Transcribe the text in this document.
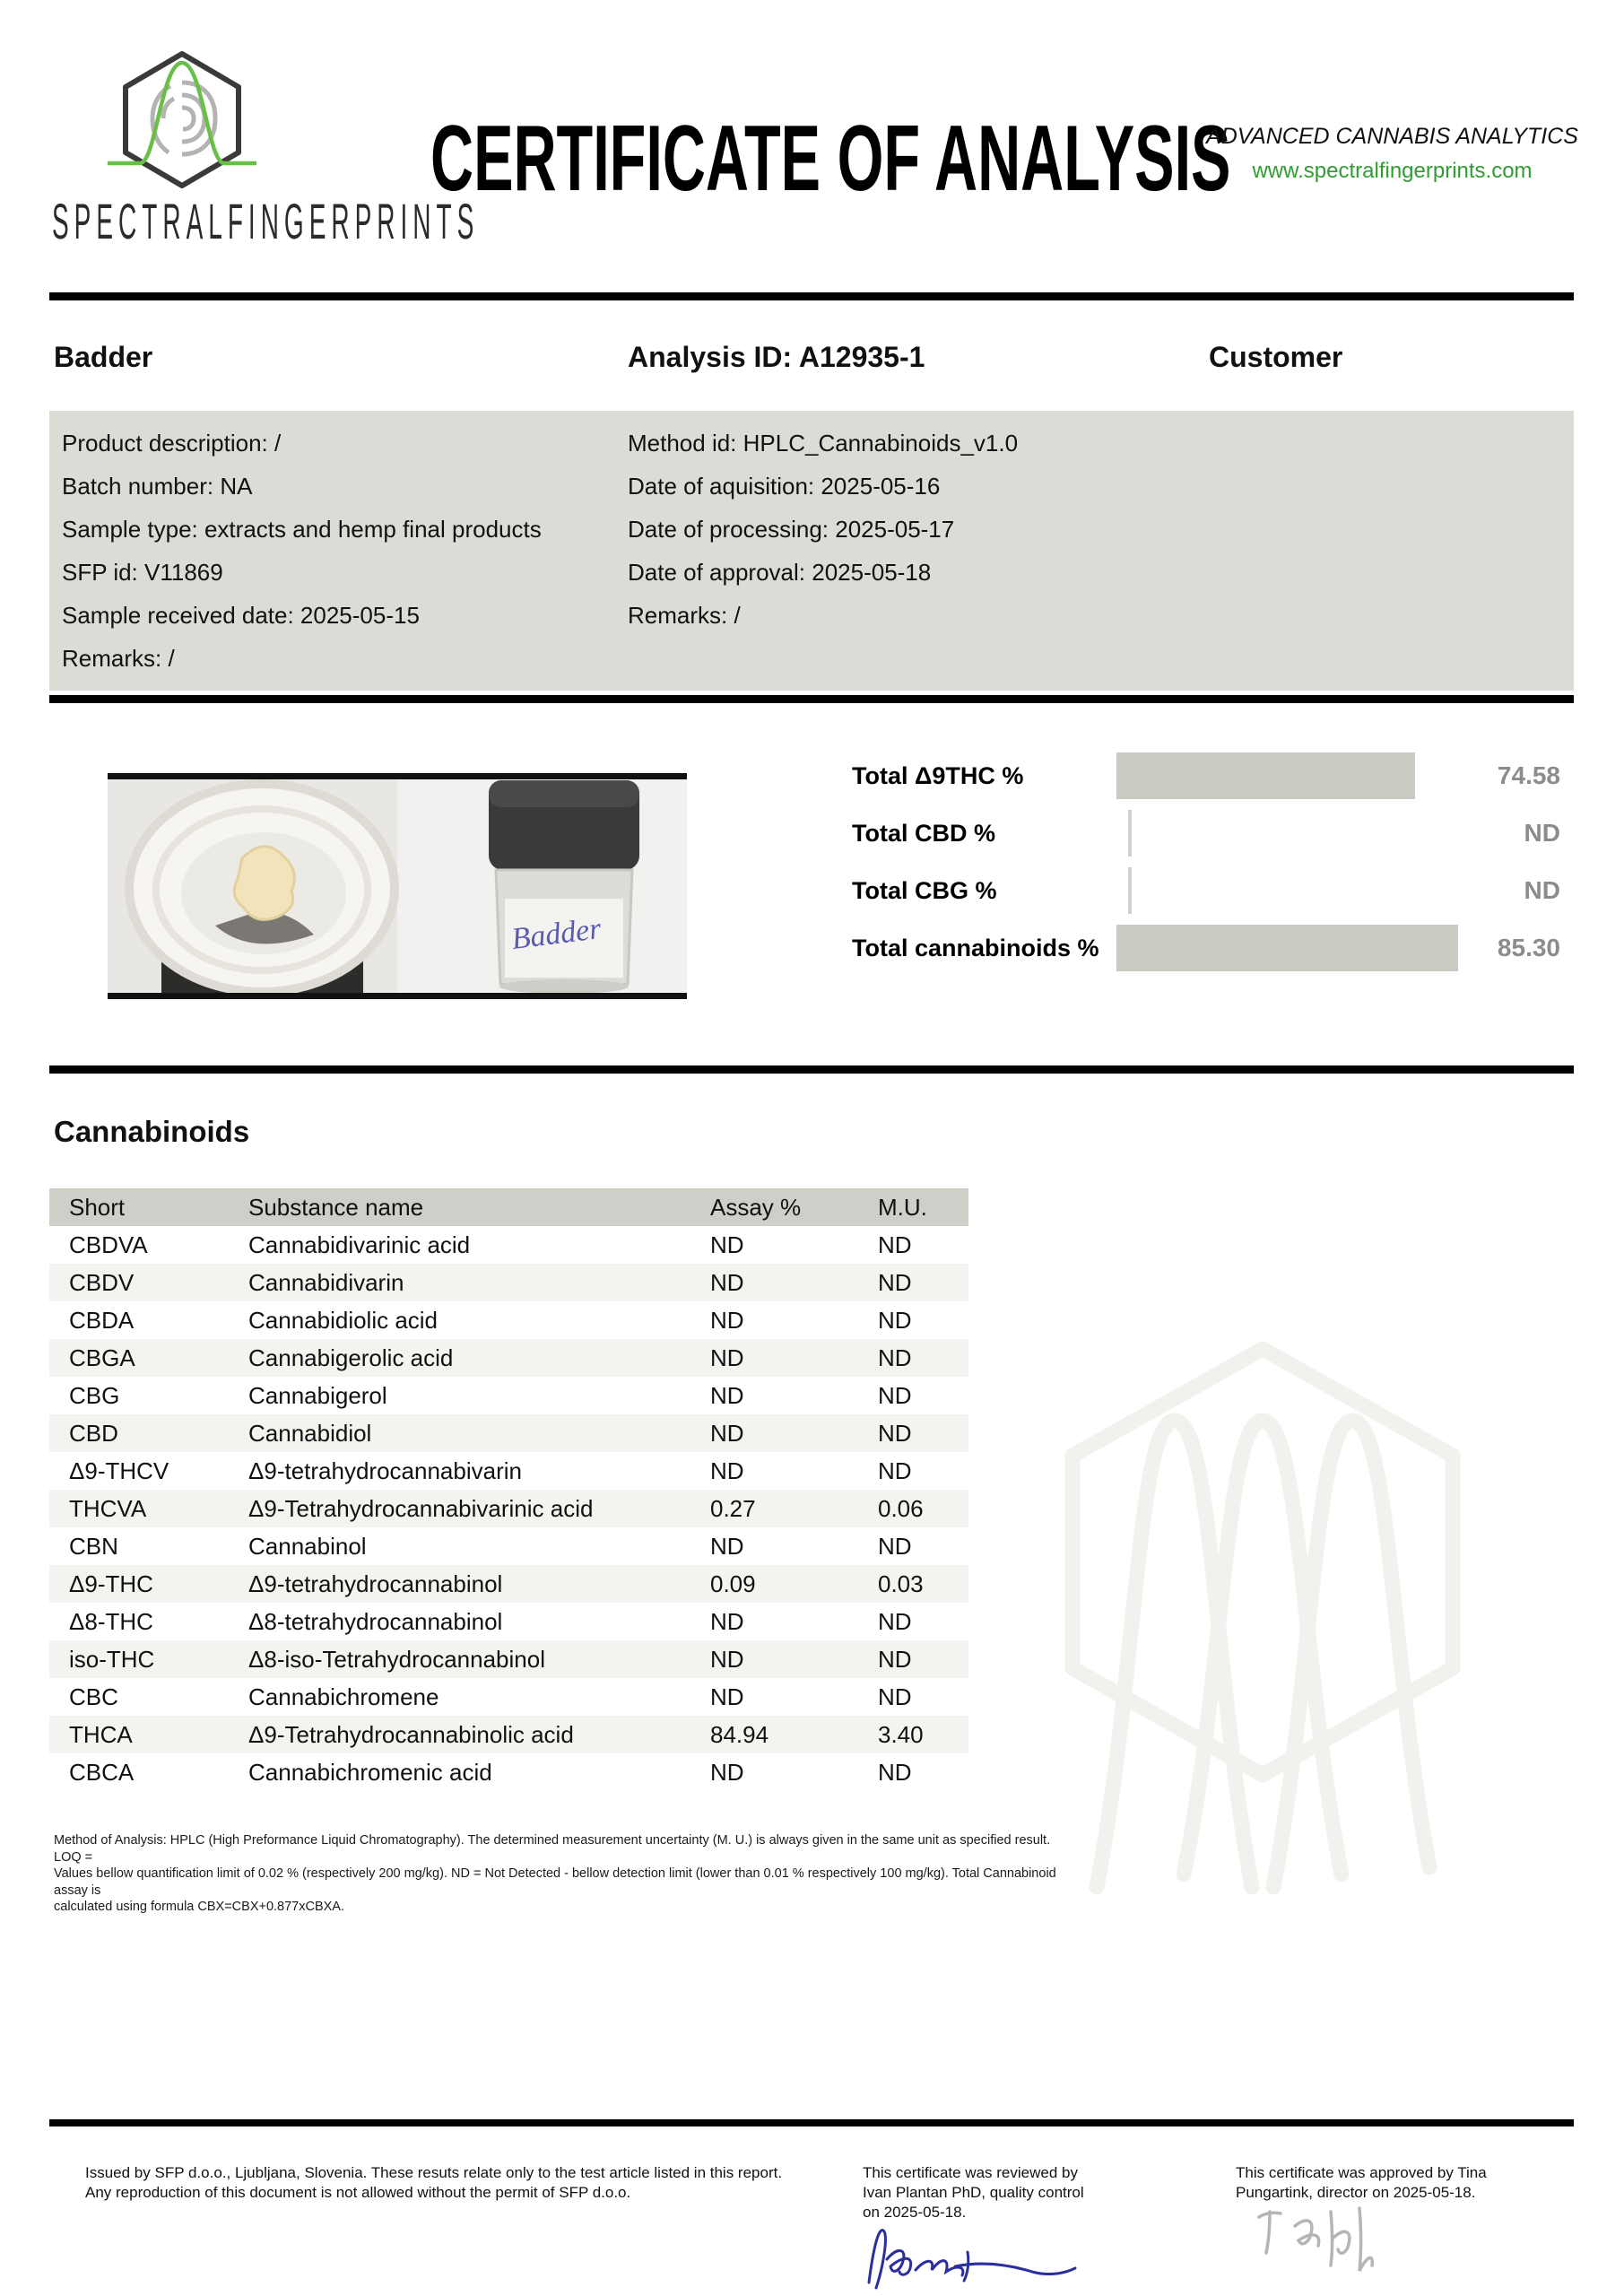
SPECTRALFINGERPRINTS
CERTIFICATE OF ANALYSIS
ADVANCED CANNABIS ANALYTICS
www.spectralfingerprints.com
Badder	Analysis ID: A12935-1	Customer
Product description: /
Batch number: NA
Sample type: extracts and hemp final products
SFP id: V11869
Sample received date: 2025-05-15
Remarks: /
Method id: HPLC_Cannabinoids_v1.0
Date of aquisition: 2025-05-16
Date of processing: 2025-05-17
Date of approval: 2025-05-18
Remarks: /
Badder
Total Δ9THC %	74.58
Total CBD %	ND
Total CBG %	ND
Total cannabinoids %	85.30
Cannabinoids
Short	Substance name	Assay %	M.U.
CBDVA	Cannabidivarinic acid	ND	ND
CBDV	Cannabidivarin	ND	ND
CBDA	Cannabidiolic acid	ND	ND
CBGA	Cannabigerolic acid	ND	ND
CBG	Cannabigerol	ND	ND
CBD	Cannabidiol	ND	ND
Δ9-THCV	Δ9-tetrahydrocannabivarin	ND	ND
THCVA	Δ9-Tetrahydrocannabivarinic acid	0.27	0.06
CBN	Cannabinol	ND	ND
Δ9-THC	Δ9-tetrahydrocannabinol	0.09	0.03
Δ8-THC	Δ8-tetrahydrocannabinol	ND	ND
iso-THC	Δ8-iso-Tetrahydrocannabinol	ND	ND
CBC	Cannabichromene	ND	ND
THCA	Δ9-Tetrahydrocannabinolic acid	84.94	3.40
CBCA	Cannabichromenic acid	ND	ND
Method of Analysis: HPLC (High Preformance Liquid Chromatography). The determined measurement uncertainty (M. U.) is always given in the same unit as specified result. LOQ =
Values bellow quantification limit of 0.02 % (respectively 200 mg/kg). ND = Not Detected - bellow detection limit (lower than 0.01 % respectively 100 mg/kg). Total Cannabinoid assay is
calculated using formula CBX=CBX+0.877xCBXA.
Issued by SFP d.o.o., Ljubljana, Slovenia. These resuts relate only to the test article listed in this report.
Any reproduction of this document is not allowed without the permit of SFP d.o.o.
This certificate was reviewed by Ivan Plantan PhD, quality control on 2025-05-18.
This certificate was approved by Tina Pungartink, director on 2025-05-18.
